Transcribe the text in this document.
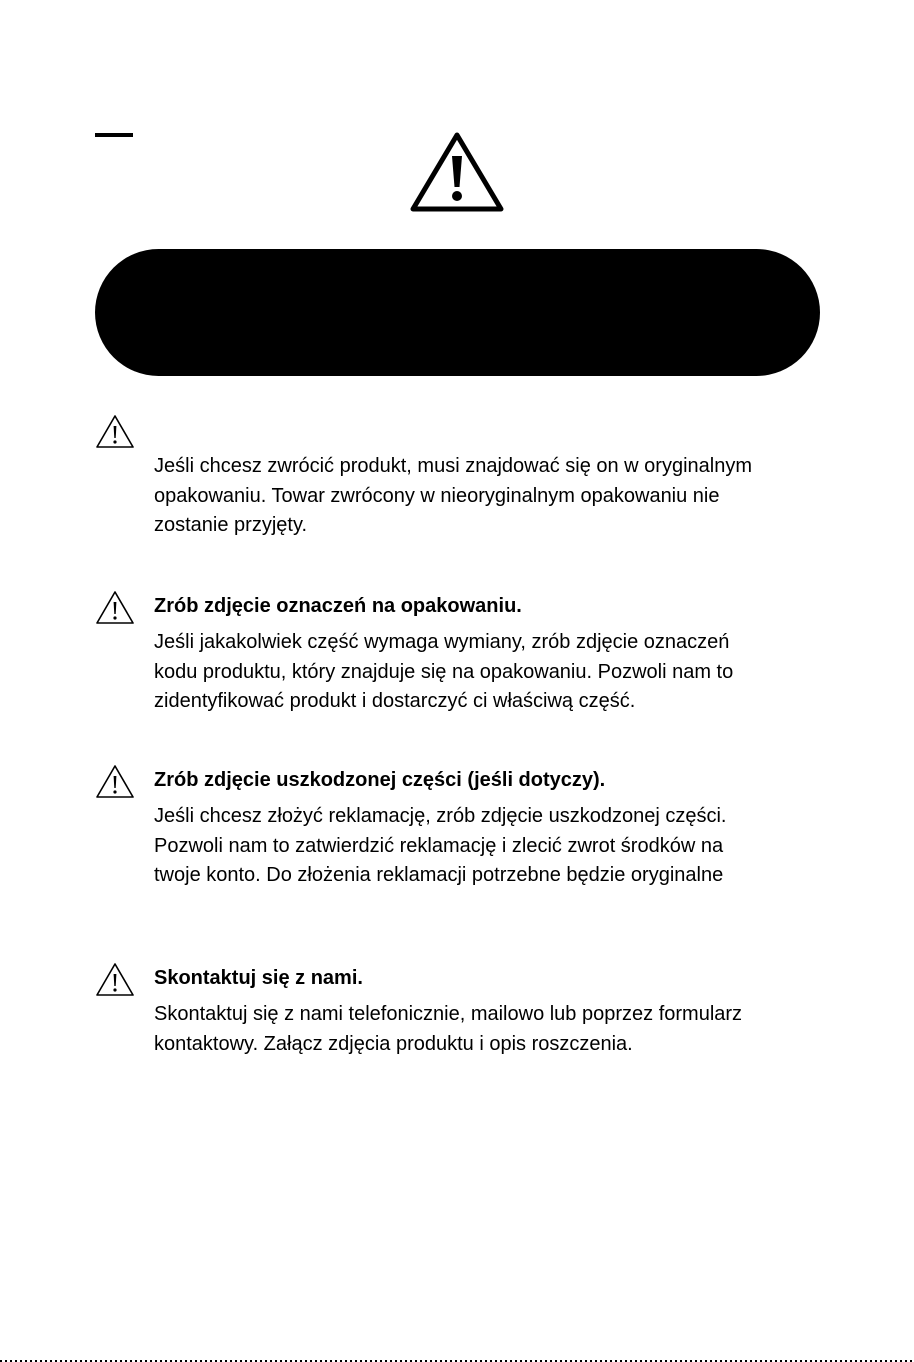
Jeśli chcesz zwrócić produkt, musi znajdować się on w oryginalnym
opakowaniu. Towar zwrócony w nieoryginalnym opakowaniu nie
zostanie przyjęty.
Zrób zdjęcie oznaczeń na opakowaniu.
Jeśli jakakolwiek część wymaga wymiany, zrób zdjęcie oznaczeń
kodu produktu, który znajduje się na opakowaniu. Pozwoli nam to
zidentyfikować produkt i dostarczyć ci właściwą część.
Zrób zdjęcie uszkodzonej części (jeśli dotyczy).
Jeśli chcesz złożyć reklamację, zrób zdjęcie uszkodzonej części.
Pozwoli nam to zatwierdzić reklamację i zlecić zwrot środków na
twoje konto. Do złożenia reklamacji potrzebne będzie oryginalne
Skontaktuj się z nami.
Skontaktuj się z nami telefonicznie, mailowo lub poprzez formularz
kontaktowy. Załącz zdjęcia produktu i opis roszczenia.
